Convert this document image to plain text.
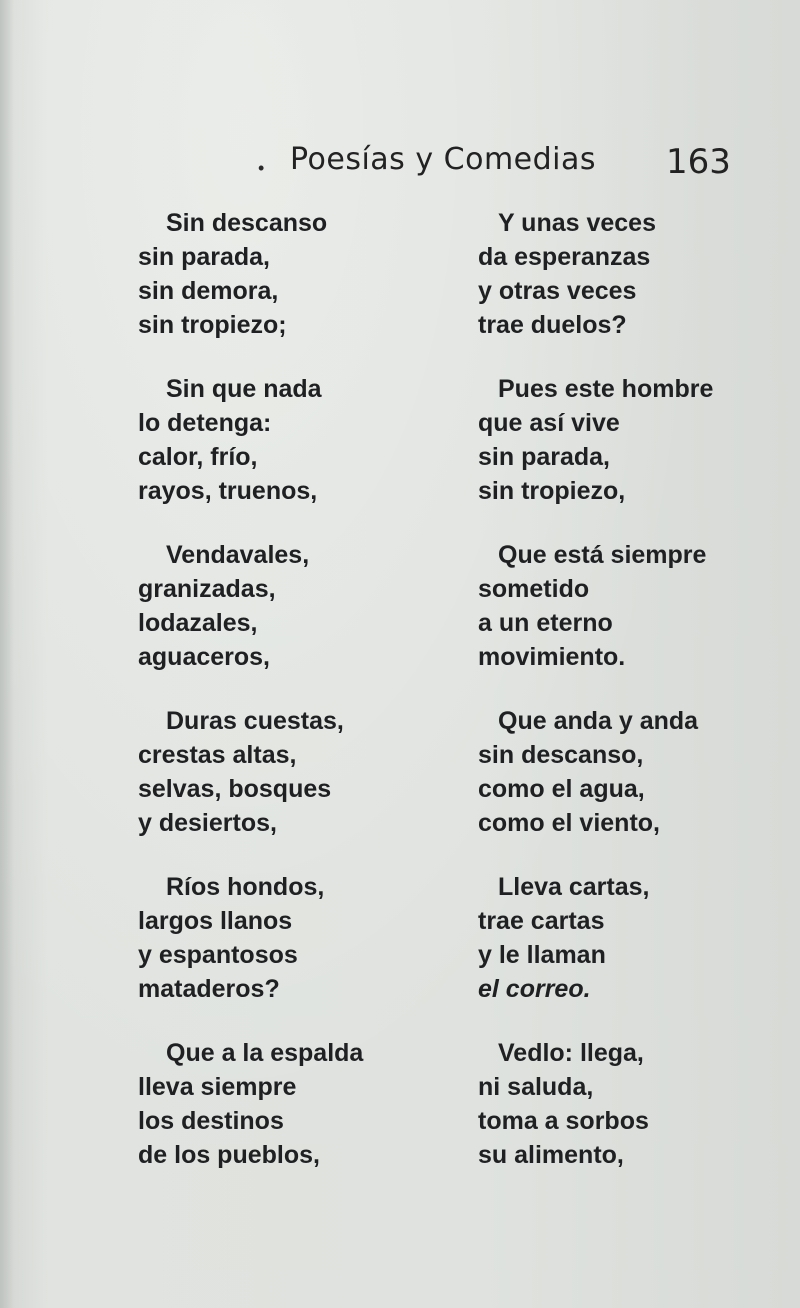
• Poesías y Comedias 163
Sin descanso
sin parada,
sin demora,
sin tropiezo;
Sin que nada
lo detenga:
calor, frío,
rayos, truenos,
Vendavales,
granizadas,
lodazales,
aguaceros,
Duras cuestas,
crestas altas,
selvas, bosques
y desiertos,
Ríos hondos,
largos llanos
y espantosos
mataderos?
Que a la espalda
lleva siempre
los destinos
de los pueblos,
Y unas veces
da esperanzas
y otras veces
trae duelos?
Pues este hombre
que así vive
sin parada,
sin tropiezo,
Que está siempre
sometido
a un eterno
movimiento.
Que anda y anda
sin descanso,
como el agua,
como el viento,
Lleva cartas,
trae cartas
y le llaman
el correo.
Vedlo: llega,
ni saluda,
toma a sorbos
su alimento,
